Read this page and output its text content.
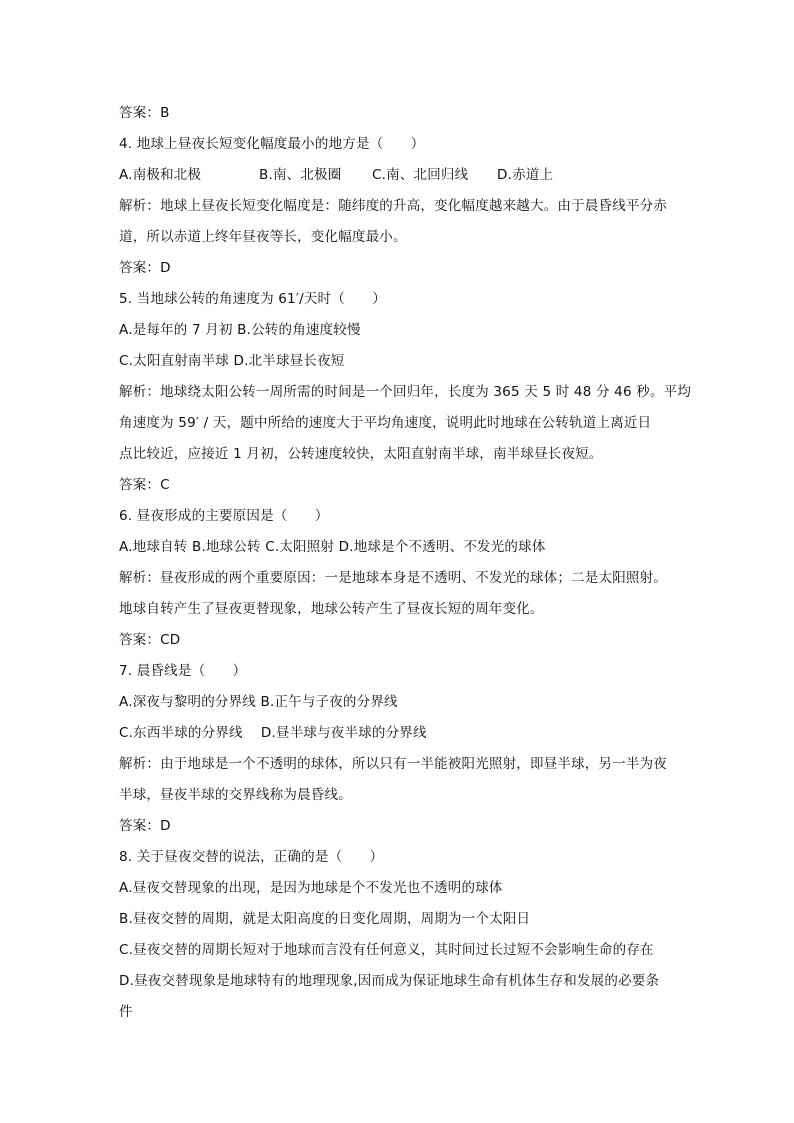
答案：B
4. 地球上昼夜长短变化幅度最小的地方是（　　）
A.南极和北极	B.南、北极圈 C.南、北回归线 D.赤道上
解析：地球上昼夜长短变化幅度是：随纬度的升高，变化幅度越来越大。由于晨昏线平分赤
道，所以赤道上终年昼夜等长，变化幅度最小。
答案：D
5. 当地球公转的角速度为 61′/天时（　　）
A.是每年的 7 月初 B.公转的角速度较慢
C.太阳直射南半球 D.北半球昼长夜短
解析：地球绕太阳公转一周所需的时间是一个回归年，长度为 365 天 5 时 48 分 46 秒。平均
角速度为 59′ / 天，题中所给的速度大于平均角速度，说明此时地球在公转轨道上离近日
点比较近，应接近 1 月初，公转速度较快，太阳直射南半球，南半球昼长夜短。
答案：C
6. 昼夜形成的主要原因是（　　）
A.地球自转 B.地球公转 C.太阳照射 D.地球是个不透明、不发光的球体
解析：昼夜形成的两个重要原因：一是地球本身是不透明、不发光的球体；二是太阳照射。
地球自转产生了昼夜更替现象，地球公转产生了昼夜长短的周年变化。
答案：CD
7. 晨昏线是（　　）
A.深夜与黎明的分界线 B.正午与子夜的分界线
C.东西半球的分界线　 D.昼半球与夜半球的分界线
解析：由于地球是一个不透明的球体，所以只有一半能被阳光照射，即昼半球，另一半为夜
半球，昼夜半球的交界线称为晨昏线。
答案：D
8. 关于昼夜交替的说法，正确的是（　　）
A.昼夜交替现象的出现，是因为地球是个不发光也不透明的球体
B.昼夜交替的周期，就是太阳高度的日变化周期，周期为一个太阳日
C.昼夜交替的周期长短对于地球而言没有任何意义，其时间过长过短不会影响生命的存在
D.昼夜交替现象是地球特有的地理现象,因而成为保证地球生命有机体生存和发展的必要条
件
